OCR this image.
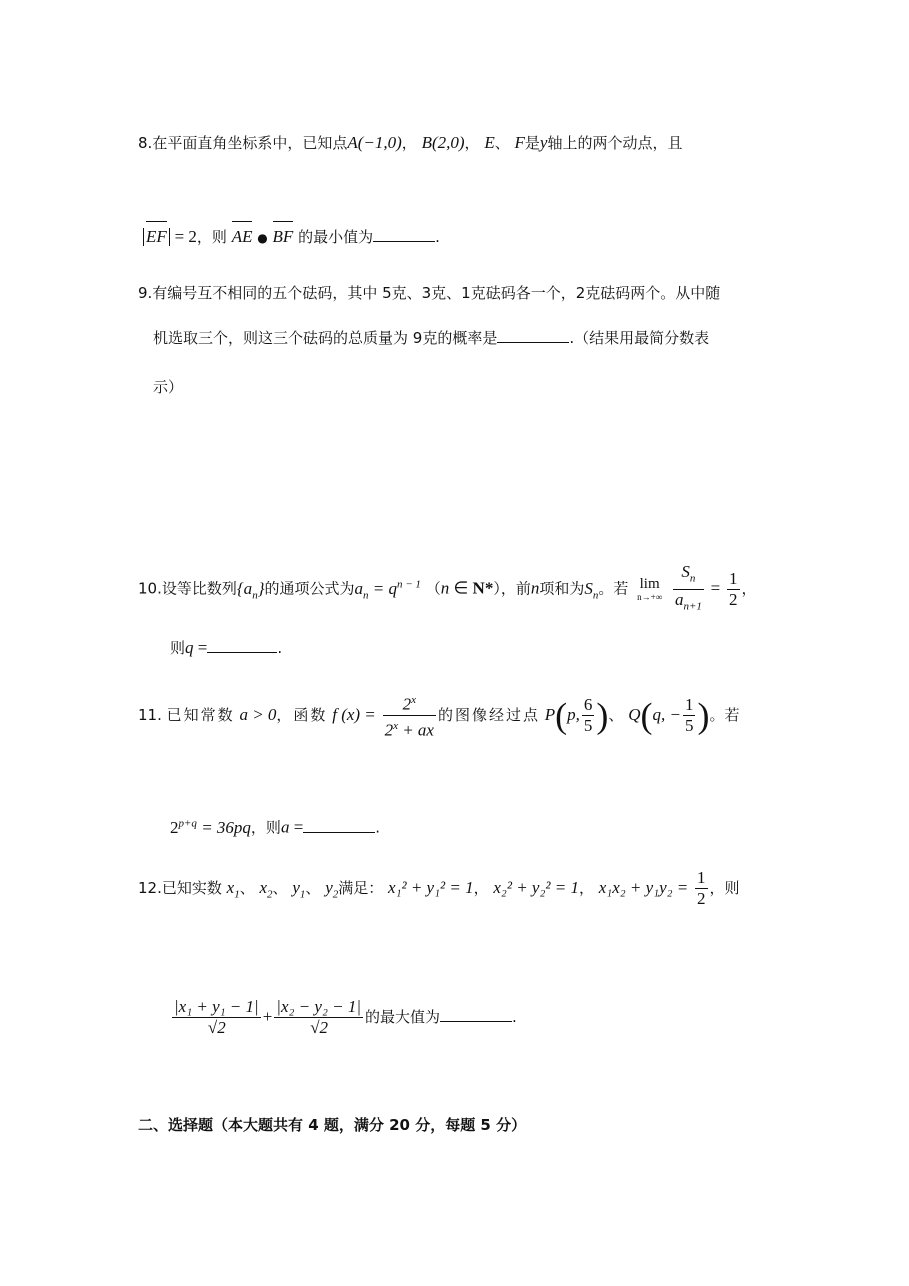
8.在平面直角坐标系中，已知点A(−1,0)， B(2,0)， E、 F是y轴上的两个动点，且
EF = 2，则 AE ● BF 的最小值为	.
9.有编号互不相同的五个砝码，其中 5克、3克、1克砝码各一个，2克砝码两个。从中随
机选取三个，则这三个砝码的总质量为 9克的概率是	.（结果用最简分数表
示）
10.设等比数列$\{a_n\}$的通项公式为$a_n = q^{n - 1}$ （n ∈ N*），前n项和为$S_n$。若 lim
n→+∞
$\frac{S_n}{a_{n+1}} = \frac{1}{2}$ ，
则q =	.
11. 已知常数 a > 0，函数 f $(x) = \frac{2^x}{2^x + ax}$ 的图像经过点 P(p, $\frac{6}{5}$ )、 Q(q, − $\frac{1}{5}$ )。若
$2^{p+q} = 36pq$，则a =	.
12.已知实数 $x_1$、 $x_2$、 $y_1$、 $y_2$满足： x₁² + y₁² = 1， x₂² + y₂² = 1， $x_1x_2 + y_1y_2 = \frac{1}{2}$ ，则
$\frac{\text{|x₁ + y₁ − 1|}}{√2} + \frac{\text{|x₂ − y₂ − 1|}}{√2}$ 的最大值为	.
二、选择题（本大题共有 4 题，满分 20 分，每题 5 分）
